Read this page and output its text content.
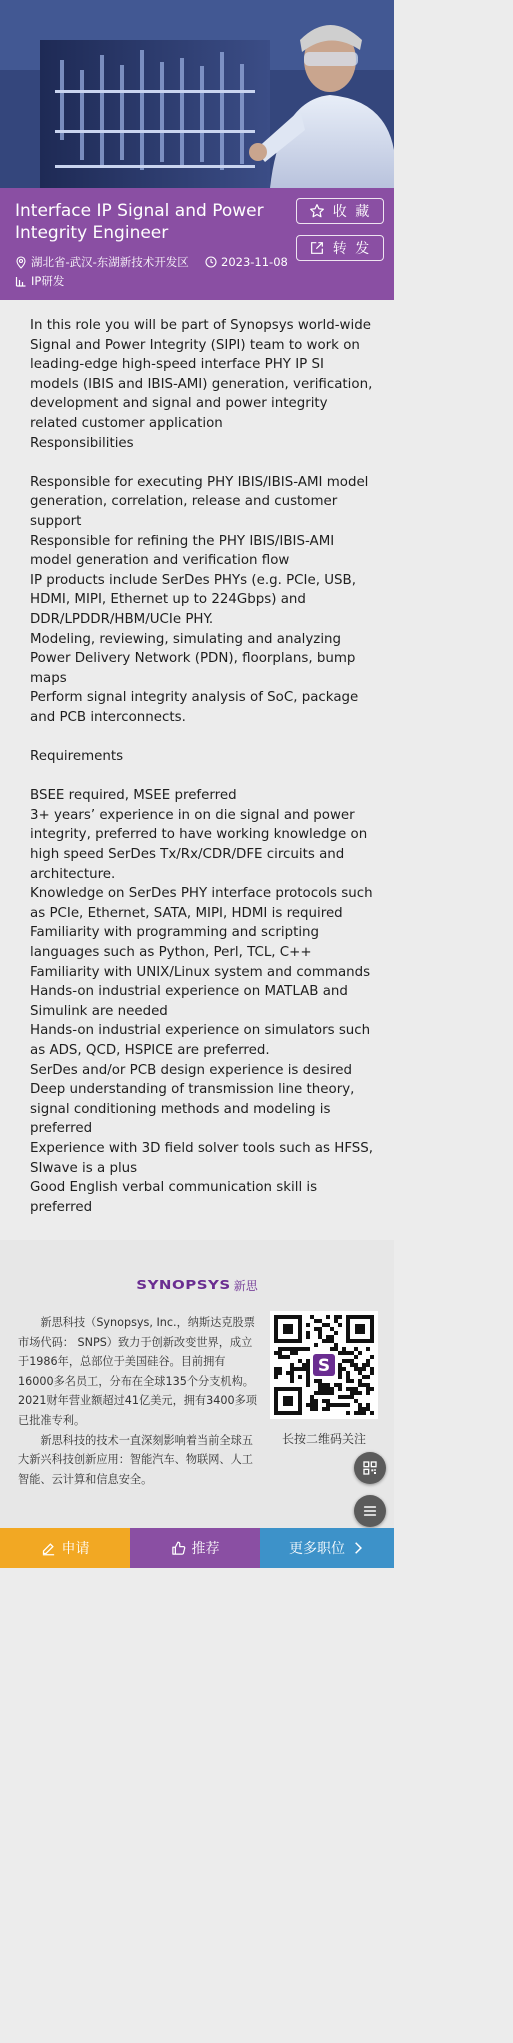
Interface IP Signal and Power Integrity Engineer
收 藏
转 发
湖北省-武汉-东湖新技术开发区	2023-11-08
IP研发

In this role you will be part of Synopsys world-wide Signal and Power Integrity (SIPI) team to work on leading-edge high-speed interface PHY IP SI models (IBIS and IBIS-AMI) generation, verification, development and signal and power integrity related customer application

Responsibilities

Responsible for executing PHY IBIS/IBIS-AMI model generation, correlation, release and customer support

Responsible for refining the PHY IBIS/IBIS-AMI model generation and verification flow

IP products include SerDes PHYs (e.g. PCIe, USB, HDMI, MIPI, Ethernet up to 224Gbps) and DDR/LPDDR/HBM/UCIe PHY.

Modeling, reviewing, simulating and analyzing Power Delivery Network (PDN), floorplans, bump maps

Perform signal integrity analysis of SoC, package and PCB interconnects.

Requirements

BSEE required, MSEE preferred

3+ years’ experience in on die signal and power integrity, preferred to have working knowledge on high speed SerDes Tx/Rx/CDR/DFE circuits and architecture.

Knowledge on SerDes PHY interface protocols such as PCIe, Ethernet, SATA, MIPI, HDMI is required

Familiarity with programming and scripting languages such as Python, Perl, TCL, C++

Familiarity with UNIX/Linux system and commands

Hands-on industrial experience on MATLAB and Simulink are needed

Hands-on industrial experience on simulators such as ADS, QCD, HSPICE are preferred.

SerDes and/or PCB design experience is desired

Deep understanding of transmission line theory, signal conditioning methods and modeling is preferred

Experience with 3D field solver tools such as HFSS, SIwave is a plus

Good English verbal communication skill is preferred

SYNOPSYS 新思

新思科技（Synopsys, Inc.，纳斯达克股票市场代码： SNPS）致力于创新改变世界，成立于1986年，总部位于美国硅谷。目前拥有16000多名员工，分布在全球135个分支机构。2021财年营业额超过41亿美元，拥有3400多项已批准专利。

新思科技的技术一直深刻影响着当前全球五大新兴科技创新应用：智能汽车、物联网、人工智能、云计算和信息安全。

S
长按二维码关注
申请	推荐	更多职位
